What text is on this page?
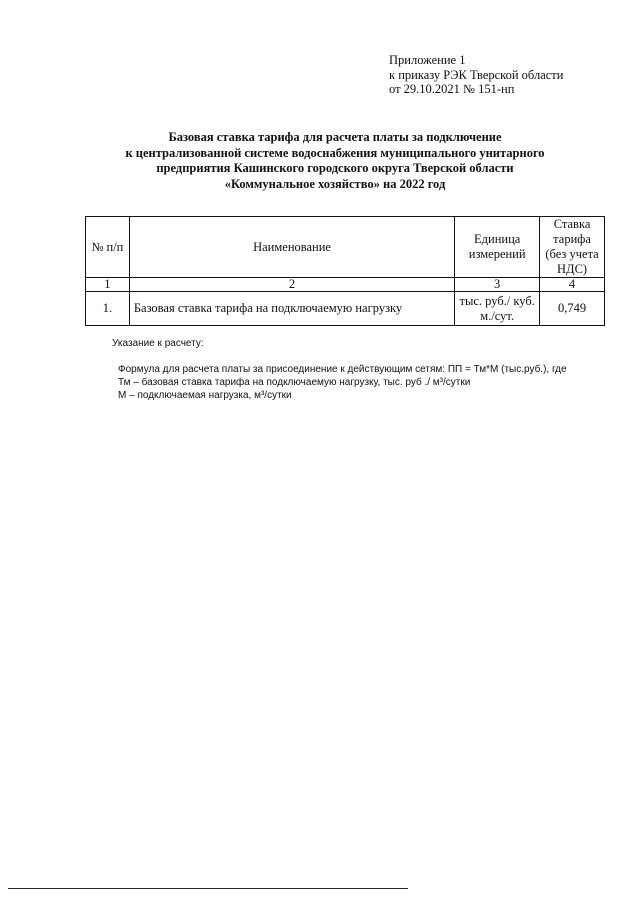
Приложение 1
к приказу РЭК Тверской области
от 29.10.2021 № 151-нп
Базовая ставка тарифа для расчета платы за подключение
к централизованной системе водоснабжения муниципального унитарного
предприятия Кашинского городского округа Тверской области
«Коммунальное хозяйство» на 2022 год
№ п/п	Наименование	Единица измерений	Ставка тарифа (без учета НДС)
1	2	3	4
1.	Базовая ставка тарифа на подключаемую нагрузку	тыс. руб./ куб. м./сут.	0,749
Указание к расчету:
Формула для расчета платы за присоединение к действующим сетям: ПП = Тм*М (тыс.руб.), где
Тм – базовая ставка тарифа на подключаемую нагрузку, тыс. руб ./ м³/сутки
М – подключаемая нагрузка, м³/сутки
